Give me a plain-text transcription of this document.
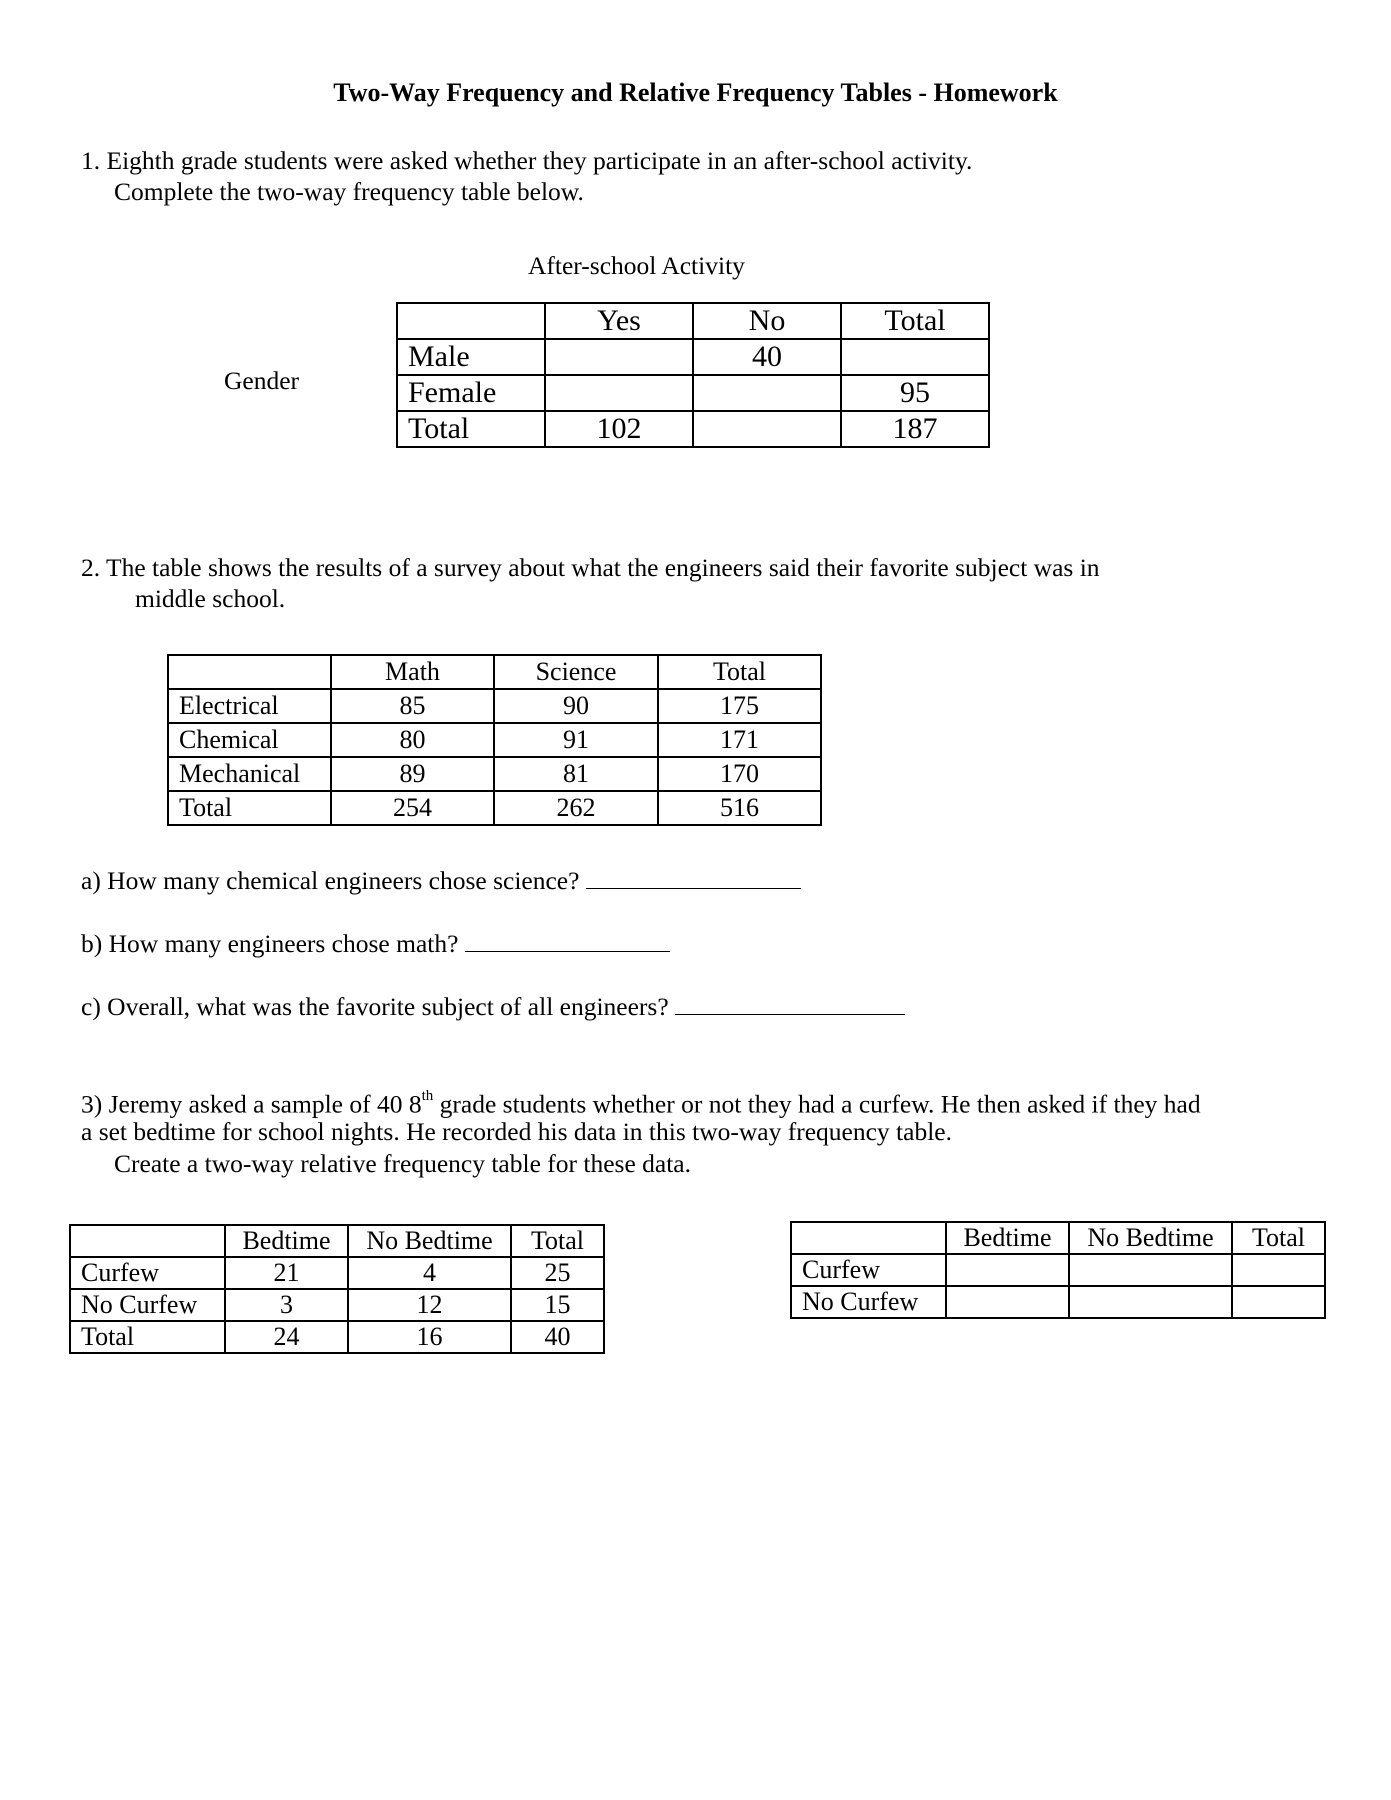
Two-Way Frequency and Relative Frequency Tables - Homework
1. Eighth grade students were asked whether they participate in an after-school activity.
Complete the two-way frequency table below.
After-school Activity
Gender
	Yes	No	Total
Male		40	
Female			95
Total	102		187
2. The table shows the results of a survey about what the engineers said their favorite subject was in
middle school.
	Math	Science	Total
Electrical	85	90	175
Chemical	80	91	171
Mechanical	89	81	170
Total	254	262	516
a) How many chemical engineers chose science?
b) How many engineers chose math?
c) Overall, what was the favorite subject of all engineers?
3) Jeremy asked a sample of 40 8th grade students whether or not they had a curfew. He then asked if they had
a set bedtime for school nights. He recorded his data in this two-way frequency table.
Create a two-way relative frequency table for these data.
	Bedtime	No Bedtime	Total
Curfew	21	4	25
No Curfew	3	12	15
Total	24	16	40
	Bedtime	No Bedtime	Total
Curfew			
No Curfew			
